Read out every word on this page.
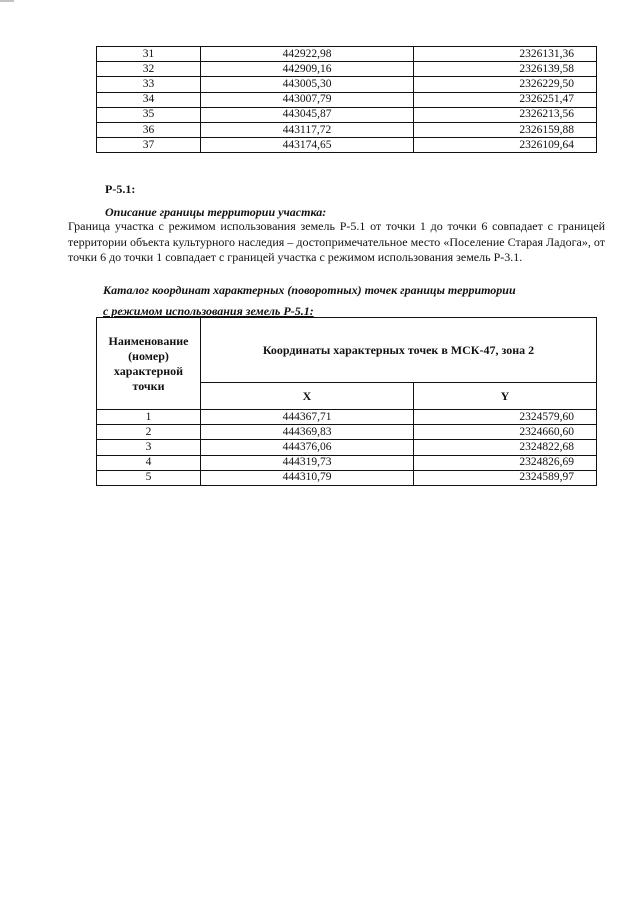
31	442922,98	2326131,36
32	442909,16	2326139,58
33	443005,30	2326229,50
34	443007,79	2326251,47
35	443045,87	2326213,56
36	443117,72	2326159,88
37	443174,65	2326109,64
Р-5.1:
Описание границы территории участка:
Граница участка с режимом использования земель Р-5.1 от точки 1 до точки 6 совпадает с границей территории объекта культурного наследия – достопримечательное место «Поселение Старая Ладога», от точки 6 до точки 1 совпадает с границей участка с режимом использования земель Р-3.1.
Каталог координат характерных (поворотных) точек границы территории
с режимом использования земель Р-5.1:
Наименование (номер) характерной точки	Координаты характерных точек в МСК-47, зона 2	
	X	Y
1	444367,71	2324579,60
2	444369,83	2324660,60
3	444376,06	2324822,68
4	444319,73	2324826,69
5	444310,79	2324589,97
